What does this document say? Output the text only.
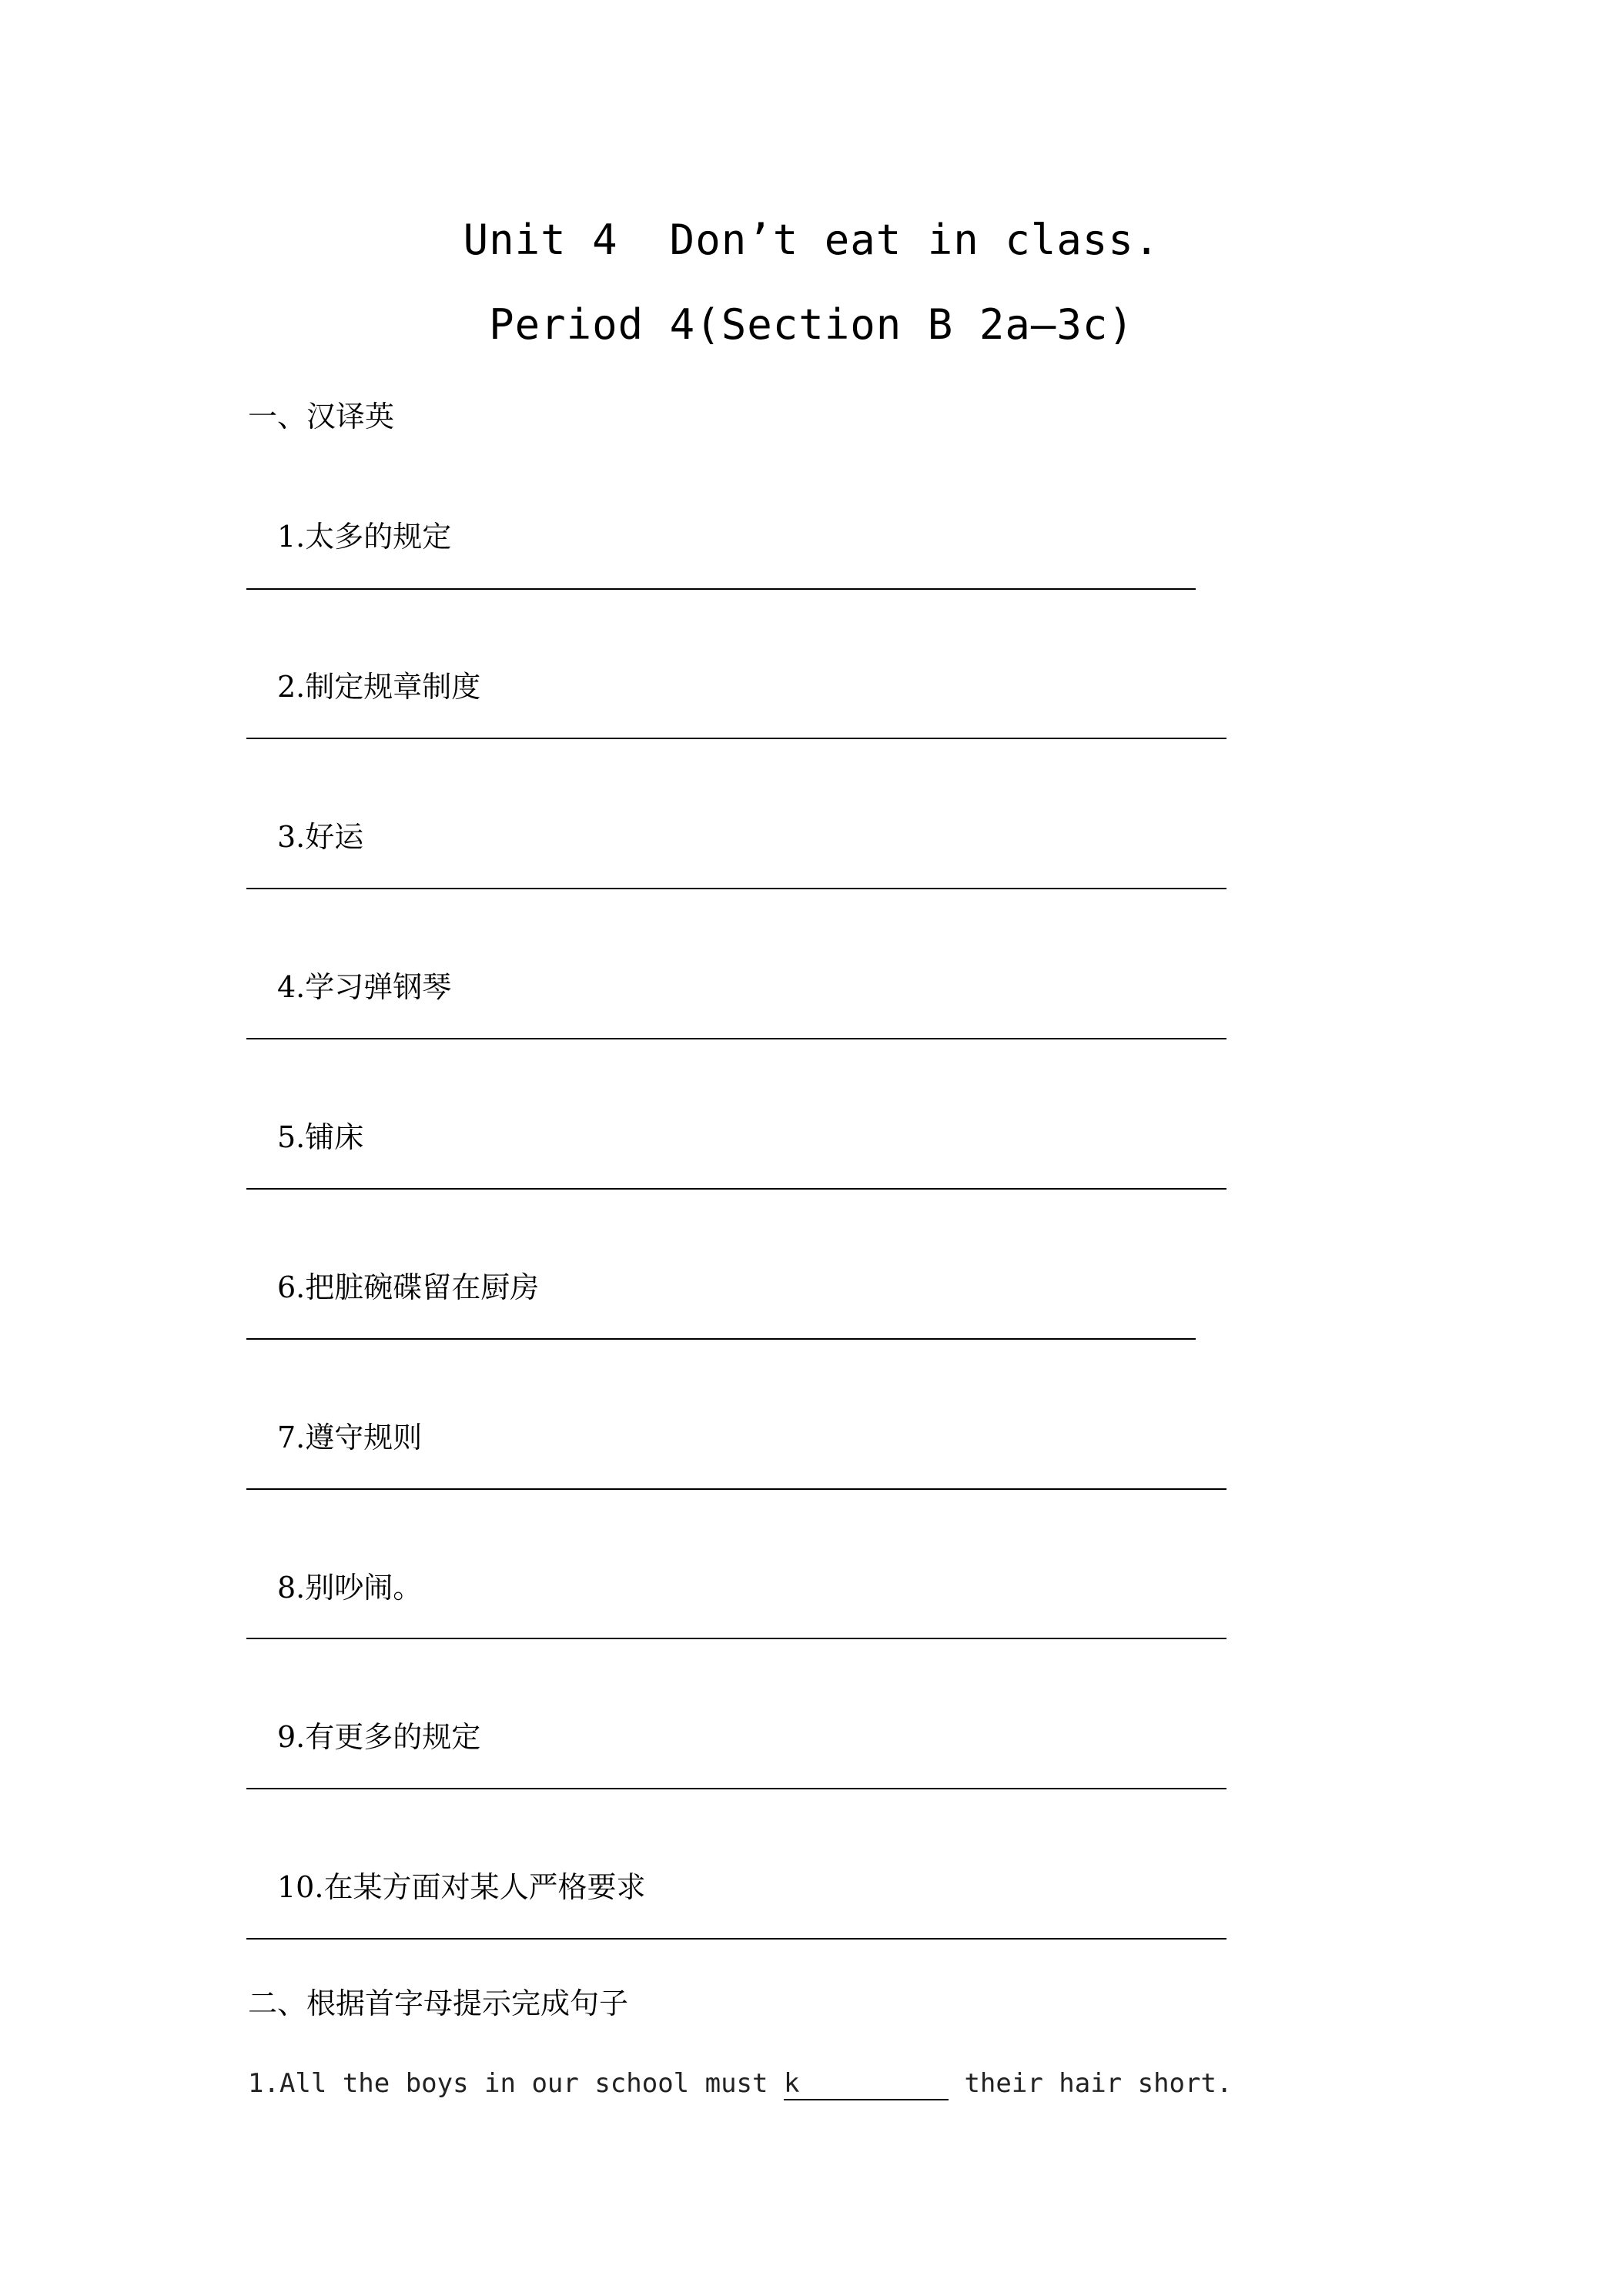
Unit 4  Don’t eat in class.
Period 4(Section B 2a—3c)
一、汉译英

1.太多的规定

2.制定规章制度

3.好运

4.学习弹钢琴

5.铺床

6.把脏碗碟留在厨房

7.遵守规则

8.别吵闹。

9.有更多的规定

10.在某方面对某人严格要求

二、根据首字母提示完成句子
1.All the boys in our school must k	their hair short.
